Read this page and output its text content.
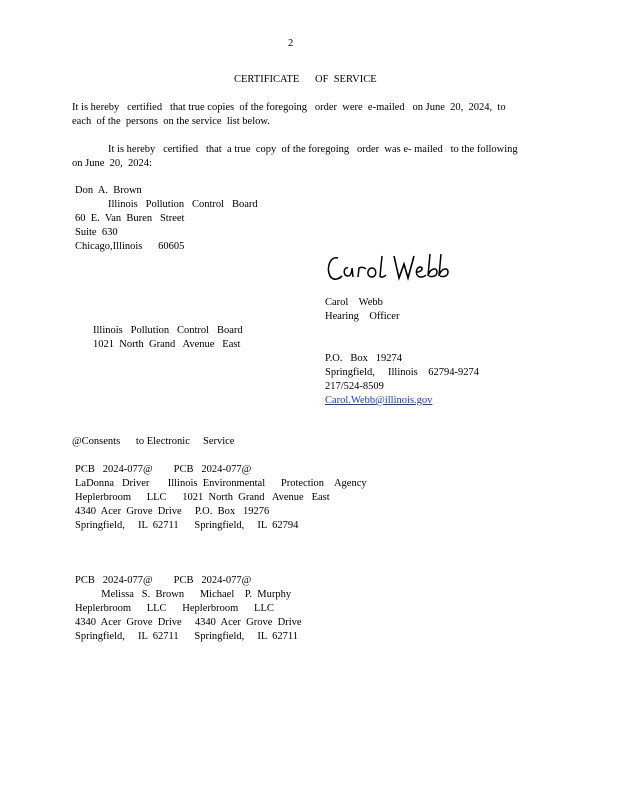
2
CERTIFICATE      OF  SERVICE
It is hereby   certified   that true copies  of the foregoing   order  were  e-mailed   on June  20,  2024,  to
each  of the  persons  on the service  list below.
It is hereby   certified   that  a true  copy  of the foregoing   order  was e- mailed   to the following
on June  20,  2024:
Don  A.  Brown
Illinois   Pollution   Control   Board
60  E.  Van  Buren   Street
Suite  630
Chicago,Illinois      60605
Carol    Webb
Hearing    Officer
Illinois   Pollution   Control   Board
1021  North  Grand   Avenue   East
P.O.   Box   19274
Springfield,     Illinois    62794-9274
217/524-8509
Carol.Webb@illinois.gov
@Consents      to Electronic     Service
PCB   2024-077@        PCB   2024-077@
LaDonna   Driver       Illinois  Environmental      Protection    Agency
Heplerbroom      LLC      1021  North  Grand   Avenue   East
4340  Acer  Grove  Drive     P.O.  Box   19276
Springfield,     IL  62711      Springfield,     IL  62794
PCB   2024-077@        PCB   2024-077@
Melissa   S.  Brown      Michael    P.  Murphy
Heplerbroom      LLC      Heplerbroom      LLC
4340  Acer  Grove  Drive     4340  Acer  Grove  Drive
Springfield,     IL  62711      Springfield,     IL  62711
